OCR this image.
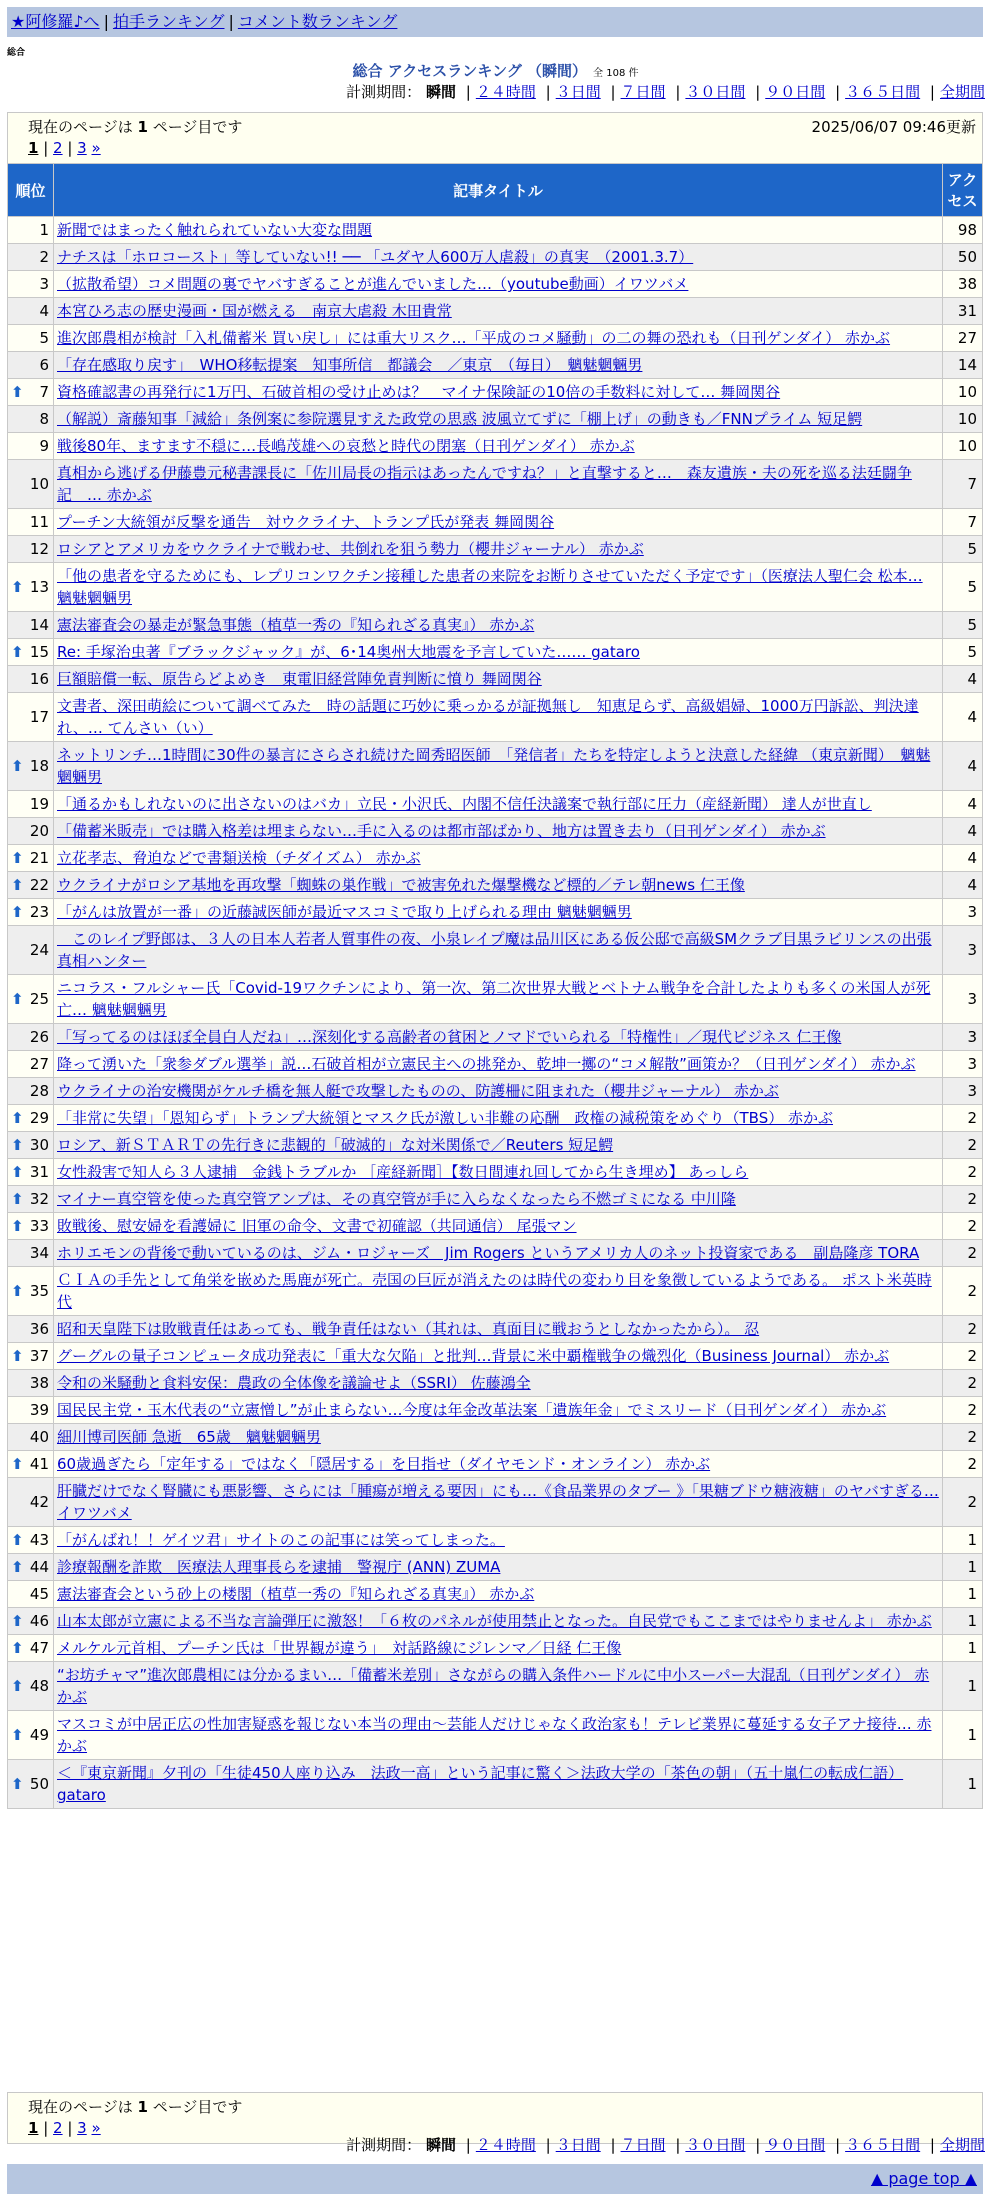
★阿修羅♪へ | 拍手ランキング | コメント数ランキング
総合
総合 アクセスランキング （瞬間） 全 108 件
計測期間： 瞬間 | ２４時間 | ３日間 | ７日間 | ３０日間 | ９０日間 | ３６５日間 | 全期間
現在のページは 1 ページ目です	2025/06/07 09:46更新
1 | 2 | 3 »
順位	記事タイトル	アクセス
1	新聞ではまったく触れられていない大変な問題	98
2	ナチスは「ホロコースト」等していない!! ── 「ユダヤ人600万人虐殺」の真実　（2001.3.7）	50
3	（拡散希望）コメ問題の裏でヤバすぎることが進んでいました…（youtube動画）イワツバメ	38
4	本宮ひろ志の歴史漫画・国が燃える　南京大虐殺 木田貴常	31
5	進次郎農相が検討「入札備蓄米 買い戻し」には重大リスク…「平成のコメ騒動」の二の舞の恐れも（日刊ゲンダイ） 赤かぶ	27
6	「存在感取り戻す」　WHO移転提案　知事所信　都議会　／東京　（毎日）　魑魅魍魎男	14

⬆ 7	資格確認書の再発行に1万円、石破首相の受け止めは？　マイナ保険証の10倍の手数料に対して… 舞岡関谷	10
8	（解説）斎藤知事「減給」条例案に参院選見すえた政党の思惑 波風立てずに「棚上げ」の動きも／FNNプライム 短足鰐	10
9	戦後80年、ますます不穏に…長嶋茂雄への哀愁と時代の閉塞（日刊ゲンダイ） 赤かぶ	10
10	真相から逃げる伊藤豊元秘書課長に「佐川局長の指示はあったんですね？」と直撃すると…　森友遺族・夫の死を巡る法廷闘争記　… 赤かぶ	7
11	プーチン大統領が反撃を通告　対ウクライナ、トランプ氏が発表 舞岡関谷	7
12	ロシアとアメリカをウクライナで戦わせ、共倒れを狙う勢力（櫻井ジャーナル） 赤かぶ	5

⬆ 13	「他の患者を守るためにも、レプリコンワクチン接種した患者の来院をお断りさせていただく予定です」（医療法人聖仁会 松本… 魑魅魍魎男	5
14	憲法審査会の暴走が緊急事態（植草一秀の『知られざる真実』） 赤かぶ	5

⬆ 15	Re: 手塚治虫著『ブラックジャック』が、6･14奥州大地震を予言していた…… gataro	5
16	巨額賠償一転、原告らどよめき　東電旧経営陣免責判断に憤り 舞岡関谷	4
17	文書者、深田萌絵について調べてみた　時の話題に巧妙に乗っかるが証拠無し　知恵足らず、高級娼婦、1000万円訴訟、判決達れ、… てんさい（い）	4

⬆ 18	ネットリンチ…1時間に30件の暴言にさらされ続けた岡秀昭医師　「発信者」たちを特定しようと決意した経緯 （東京新聞）　魑魅魍魎男	4
19	「通るかもしれないのに出さないのはバカ」立民・小沢氏、内閣不信任決議案で執行部に圧力（産経新聞） 達人が世直し	4
20	「備蓄米販売」では購入格差は埋まらない…手に入るのは都市部ばかり、地方は置き去り（日刊ゲンダイ） 赤かぶ	4

⬆ 21	立花孝志、脅迫などで書類送検（チダイズム） 赤かぶ	4

⬆ 22	ウクライナがロシア基地を再攻撃「蜘蛛の巣作戦」で被害免れた爆撃機など標的／テレ朝news 仁王像	4

⬆ 23	「がんは放置が一番」の近藤誠医師が最近マスコミで取り上げられる理由 魑魅魍魎男	3
24	　このレイプ野郎は、３人の日本人若者人質事件の夜、小泉レイプ魔は品川区にある仮公邸で高級SMクラブ目黒ラビリンスの出張 真相ハンター	3

⬆ 25	ニコラス・フルシャー氏「Covid-19ワクチンにより、第一次、第二次世界大戦とベトナム戦争を合計したよりも多くの米国人が死亡… 魑魅魍魎男	3
26	「写ってるのはほぼ全員白人だね」…深刻化する高齢者の貧困とノマドでいられる「特権性」／現代ビジネス 仁王像	3
27	降って湧いた「衆参ダブル選挙」説…石破首相が立憲民主への挑発か、乾坤一擲の“コメ解散”画策か？（日刊ゲンダイ） 赤かぶ	3
28	ウクライナの治安機関がケルチ橋を無人艇で攻撃したものの、防護柵に阻まれた（櫻井ジャーナル） 赤かぶ	3

⬆ 29	「非常に失望」「恩知らず」トランプ大統領とマスク氏が激しい非難の応酬　政権の減税策をめぐり（TBS） 赤かぶ	2

⬆ 30	ロシア、新ＳＴＡＲＴの先行きに悲観的「破滅的」な対米関係で／Reuters 短足鰐	2

⬆ 31	女性殺害で知人ら３人逮捕　金銭トラブルか ［産経新聞］【数日間連れ回してから生き埋め】 あっしら	2

⬆ 32	マイナー真空管を使った真空管アンプは、その真空管が手に入らなくなったら不燃ゴミになる 中川隆	2

⬆ 33	敗戦後、慰安婦を看護婦に 旧軍の命令、文書で初確認（共同通信） 尾張マン	2
34	ホリエモンの背後で動いているのは、ジム・ロジャーズ　Jim Rogers というアメリカ人のネット投資家である　副島隆彦 TORA	2

⬆ 35	ＣＩＡの手先として角栄を嵌めた馬鹿が死亡。売国の巨匠が消えたのは時代の変わり目を象徴しているようである。 ポスト米英時代	2
36	昭和天皇陛下は敗戦責任はあっても、戦争責任はない（其れは、真面目に戦おうとしなかったから）。 忍	2

⬆ 37	グーグルの量子コンピュータ成功発表に「重大な欠陥」と批判…背景に米中覇権戦争の熾烈化（Business Journal） 赤かぶ	2
38	令和の米騒動と食料安保：農政の全体像を議論せよ（SSRI） 佐藤鴻全	2
39	国民民主党・玉木代表の“立憲憎し”が止まらない…今度は年金改革法案「遺族年金」でミスリード（日刊ゲンダイ） 赤かぶ	2
40	細川博司医師 急逝　65歳　魑魅魍魎男	2

⬆ 41	60歳過ぎたら「定年する」ではなく「隠居する」を目指せ（ダイヤモンド・オンライン） 赤かぶ	2
42	肝臓だけでなく腎臓にも悪影響、さらには「腫瘍が増える要因」にも…《食品業界のタブー 》「果糖ブドウ糖液糖」のヤバすぎる… イワツバメ	2

⬆ 43	「がんばれ！！ゲイツ君」サイトのこの記事には笑ってしまった。	1

⬆ 44	診療報酬を詐欺　医療法人理事長らを逮捕　警視庁 (ANN) ZUMA	1
45	憲法審査会という砂上の楼閣（植草一秀の『知られざる真実』） 赤かぶ	1

⬆ 46	山本太郎が立憲による不当な言論弾圧に激怒！「６枚のパネルが使用禁止となった。自民党でもここまではやりませんよ」 赤かぶ	1

⬆ 47	メルケル元首相、プーチン氏は「世界観が違う」　対話路線にジレンマ／日経 仁王像	1

⬆ 48	“お坊チャマ”進次郎農相には分かるまい…「備蓄米差別」さながらの購入条件ハードルに中小スーパー大混乱（日刊ゲンダイ） 赤かぶ	1

⬆ 49	マスコミが中居正広の性加害疑惑を報じない本当の理由～芸能人だけじゃなく政治家も！テレビ業界に蔓延する女子アナ接待… 赤かぶ	1

⬆ 50	＜『東京新聞』夕刊の「生徒450人座り込み　法政一高」という記事に驚く＞法政大学の「茶色の朝」（五十嵐仁の転成仁語） gataro	1
現在のページは 1 ページ目です
1 | 2 | 3 »
計測期間： 瞬間 | ２４時間 | ３日間 | ７日間 | ３０日間 | ９０日間 | ３６５日間 | 全期間
▲ page top ▲
